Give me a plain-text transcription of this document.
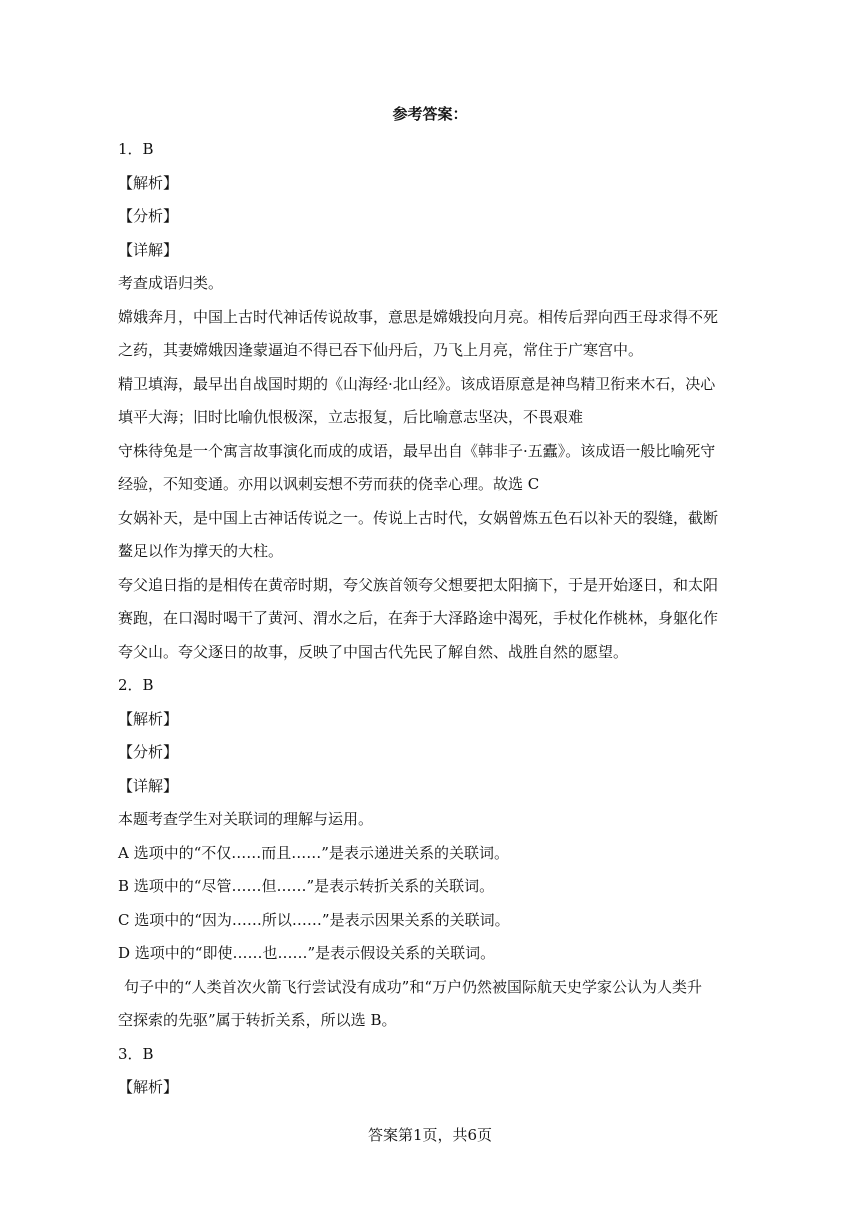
参考答案：
1．B
【解析】
【分析】
【详解】
考查成语归类。
嫦娥奔月，中国上古时代神话传说故事，意思是嫦娥投向月亮。相传后羿向西王母求得不死
之药，其妻嫦娥因逢蒙逼迫不得已吞下仙丹后，乃飞上月亮，常住于广寒宫中。
精卫填海，最早出自战国时期的《山海经·北山经》。该成语原意是神鸟精卫衔来木石，决心
填平大海；旧时比喻仇恨极深，立志报复，后比喻意志坚决，不畏艰难
守株待兔是一个寓言故事演化而成的成语，最早出自《韩非子·五蠹》。该成语一般比喻死守
经验，不知变通。亦用以讽刺妄想不劳而获的侥幸心理。故选 C
女娲补天，是中国上古神话传说之一。传说上古时代，女娲曾炼五色石以补天的裂缝，截断
鳌足以作为撑天的大柱。
夸父追日指的是相传在黄帝时期，夸父族首领夸父想要把太阳摘下，于是开始逐日，和太阳
赛跑，在口渴时喝干了黄河、渭水之后，在奔于大泽路途中渴死，手杖化作桃林，身躯化作
夸父山。夸父逐日的故事，反映了中国古代先民了解自然、战胜自然的愿望。
2．B
【解析】
【分析】
【详解】
本题考查学生对关联词的理解与运用。
A 选项中的“不仅……而且……”是表示递进关系的关联词。
B 选项中的“尽管……但……”是表示转折关系的关联词。
C 选项中的“因为……所以……”是表示因果关系的关联词。
D 选项中的“即使……也……”是表示假设关系的关联词。
句子中的“人类首次火箭飞行尝试没有成功”和“万户仍然被国际航天史学家公认为人类升
空探索的先驱”属于转折关系，所以选 B。
3．B
【解析】
答案第1页，共6页
